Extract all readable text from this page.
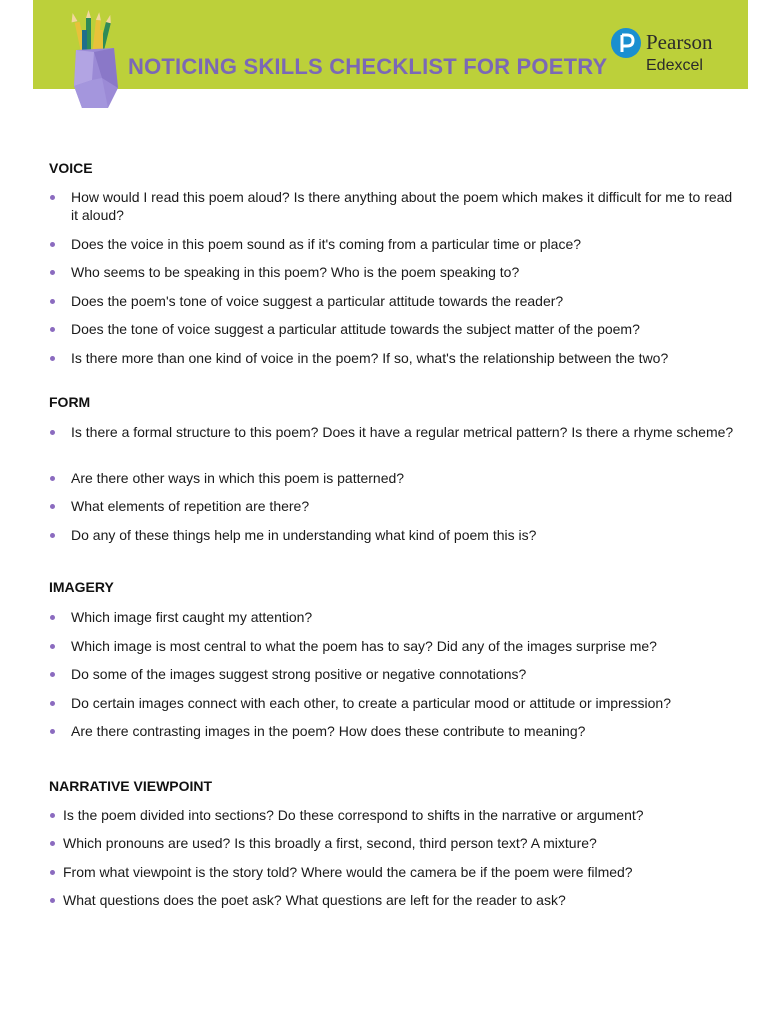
NOTICING SKILLS CHECKLIST FOR POETRY
Pearson
Edexcel
VOICE
How would I read this poem aloud? Is there anything about the poem which makes it difficult for me to read it aloud?
Does the voice in this poem sound as if it's coming from a particular time or place?
Who seems to be speaking in this poem? Who is the poem speaking to?
Does the poem's tone of voice suggest a particular attitude towards the reader?
Does the tone of voice suggest a particular attitude towards the subject matter of the poem?
Is there more than one kind of voice in the poem? If so, what's the relationship between the two?
FORM
Is there a formal structure to this poem? Does it have a regular metrical pattern? Is there a rhyme scheme?
Are there other ways in which this poem is patterned?
What elements of repetition are there?
Do any of these things help me in understanding what kind of poem this is?
IMAGERY
Which image first caught my attention?
Which image is most central to what the poem has to say? Did any of the images surprise me?
Do some of the images suggest strong positive or negative connotations?
Do certain images connect with each other, to create a particular mood or attitude or impression?
Are there contrasting images in the poem? How does these contribute to meaning?
NARRATIVE VIEWPOINT
Is the poem divided into sections? Do these correspond to shifts in the narrative or argument?
Which pronouns are used? Is this broadly a first, second, third person text? A mixture?
From what viewpoint is the story told? Where would the camera be if the poem were filmed?
What questions does the poet ask? What questions are left for the reader to ask?
